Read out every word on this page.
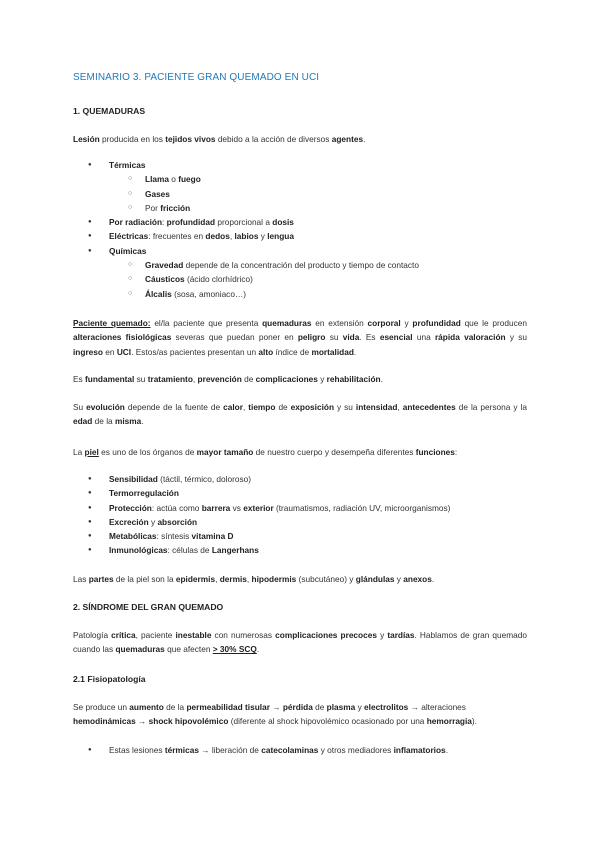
SEMINARIO 3. PACIENTE GRAN QUEMADO EN UCI
1. QUEMADURAS
Lesión producida en los tejidos vivos debido a la acción de diversos agentes.
● Térmicas
○ Llama o fuego
○ Gases
○ Por fricción
● Por radiación: profundidad proporcional a dosis
● Eléctricas: frecuentes en dedos, labios y lengua
● Químicas
○ Gravedad depende de la concentración del producto y tiempo de contacto
○ Cáusticos (ácido clorhídrico)
○ Álcalis (sosa, amoniaco…)
Paciente quemado: el/la paciente que presenta quemaduras en extensión corporal y profundidad que le producen alteraciones fisiológicas severas que puedan poner en peligro su vida. Es esencial una rápida valoración y su ingreso en UCI. Estos/as pacientes presentan un alto índice de mortalidad.
Es fundamental su tratamiento, prevención de complicaciones y rehabilitación.
Su evolución depende de la fuente de calor, tiempo de exposición y su intensidad, antecedentes de la persona y la edad de la misma.
La piel es uno de los órganos de mayor tamaño de nuestro cuerpo y desempeña diferentes funciones:
● Sensibilidad (táctil, térmico, doloroso)
● Termorregulación
● Protección: actúa como barrera vs exterior (traumatismos, radiación UV, microorganismos)
● Excreción y absorción
● Metabólicas: síntesis vitamina D
● Inmunológicas: células de Langerhans
Las partes de la piel son la epidermis, dermis, hipodermis (subcutáneo) y glándulas y anexos.
2. SÍNDROME DEL GRAN QUEMADO
Patología crítica, paciente inestable con numerosas complicaciones precoces y tardías. Hablamos de gran quemado cuando las quemaduras que afecten > 30% SCQ.
2.1 Fisiopatología
Se produce un aumento de la permeabilidad tisular → pérdida de plasma y electrolitos → alteraciones hemodinámicas → shock hipovolémico (diferente al shock hipovolémico ocasionado por una hemorragia).
● Estas lesiones térmicas → liberación de catecolaminas y otros mediadores inflamatorios.
